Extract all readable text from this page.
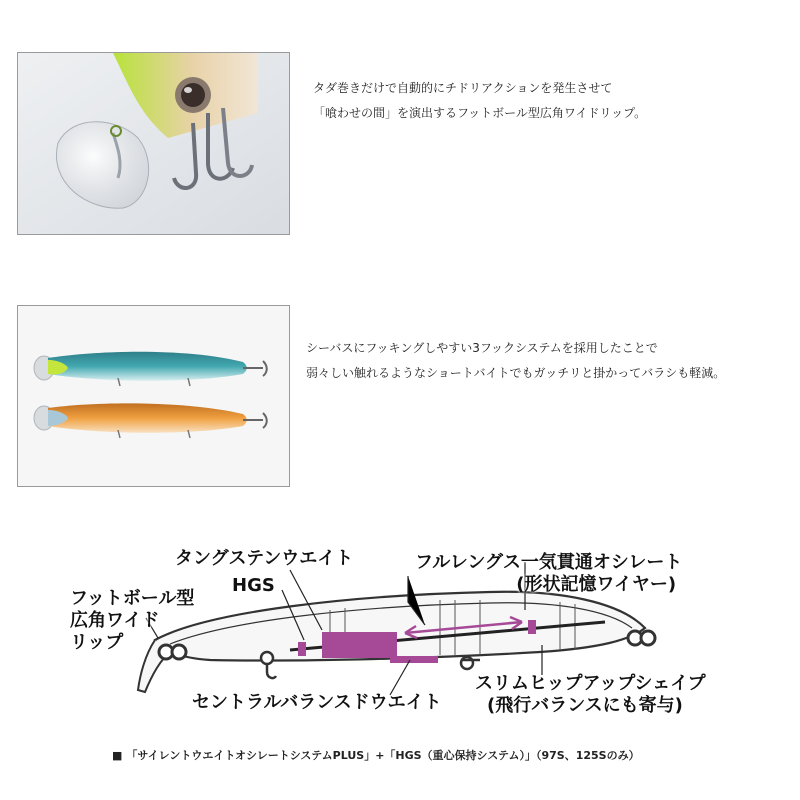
タダ巻きだけで自動的にチドリアクションを発生させて
「喰わせの間」を演出するフットボール型広角ワイドリップ。
シーバスにフッキングしやすい3フックシステムを採用したことで
弱々しい触れるようなショートバイトでもガッチリと掛かってバラシも軽減。
タングステンウエイト
HGS
フルレングス一気貫通オシレート
(形状記憶ワイヤー)
フットボール型
広角ワイド
リップ
スリムヒップアップシェイプ
(飛行バランスにも寄与)
セントラルバランスドウエイト
■ 「サイレントウエイトオシレートシステムPLUS」+「HGS（重心保持システム）」（97S、125Sのみ）
